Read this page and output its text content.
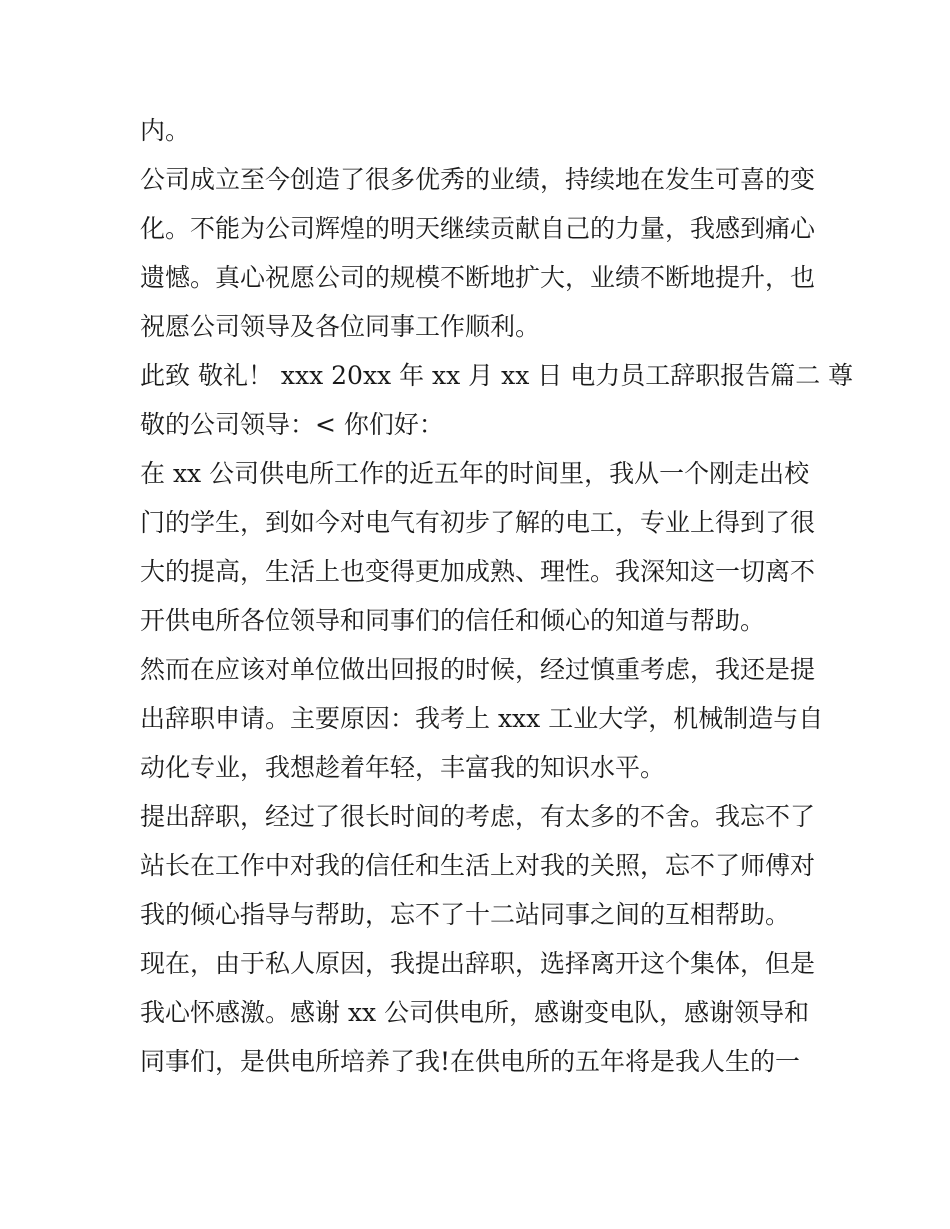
内。

公司成立至今创造了很多优秀的业绩，持续地在发生可喜的变
化。不能为公司辉煌的明天继续贡献自己的力量，我感到痛心
遗憾。真心祝愿公司的规模不断地扩大，业绩不断地提升，也
祝愿公司领导及各位同事工作顺利。

此致 敬礼！ xxx 20xx 年 xx 月 xx 日 电力员工辞职报告篇二 尊
敬的公司领导：< 你们好：

在 xx 公司供电所工作的近五年的时间里，我从一个刚走出校
门的学生，到如今对电气有初步了解的电工，专业上得到了很
大的提高，生活上也变得更加成熟、理性。我深知这一切离不
开供电所各位领导和同事们的信任和倾心的知道与帮助。

然而在应该对单位做出回报的时候，经过慎重考虑，我还是提
出辞职申请。主要原因：我考上 xxx 工业大学，机械制造与自
动化专业，我想趁着年轻，丰富我的知识水平。

提出辞职，经过了很长时间的考虑，有太多的不舍。我忘不了
站长在工作中对我的信任和生活上对我的关照，忘不了师傅对
我的倾心指导与帮助，忘不了十二站同事之间的互相帮助。

现在，由于私人原因，我提出辞职，选择离开这个集体，但是
我心怀感激。感谢 xx 公司供电所，感谢变电队，感谢领导和
同事们，是供电所培养了我!在供电所的五年将是我人生的一
